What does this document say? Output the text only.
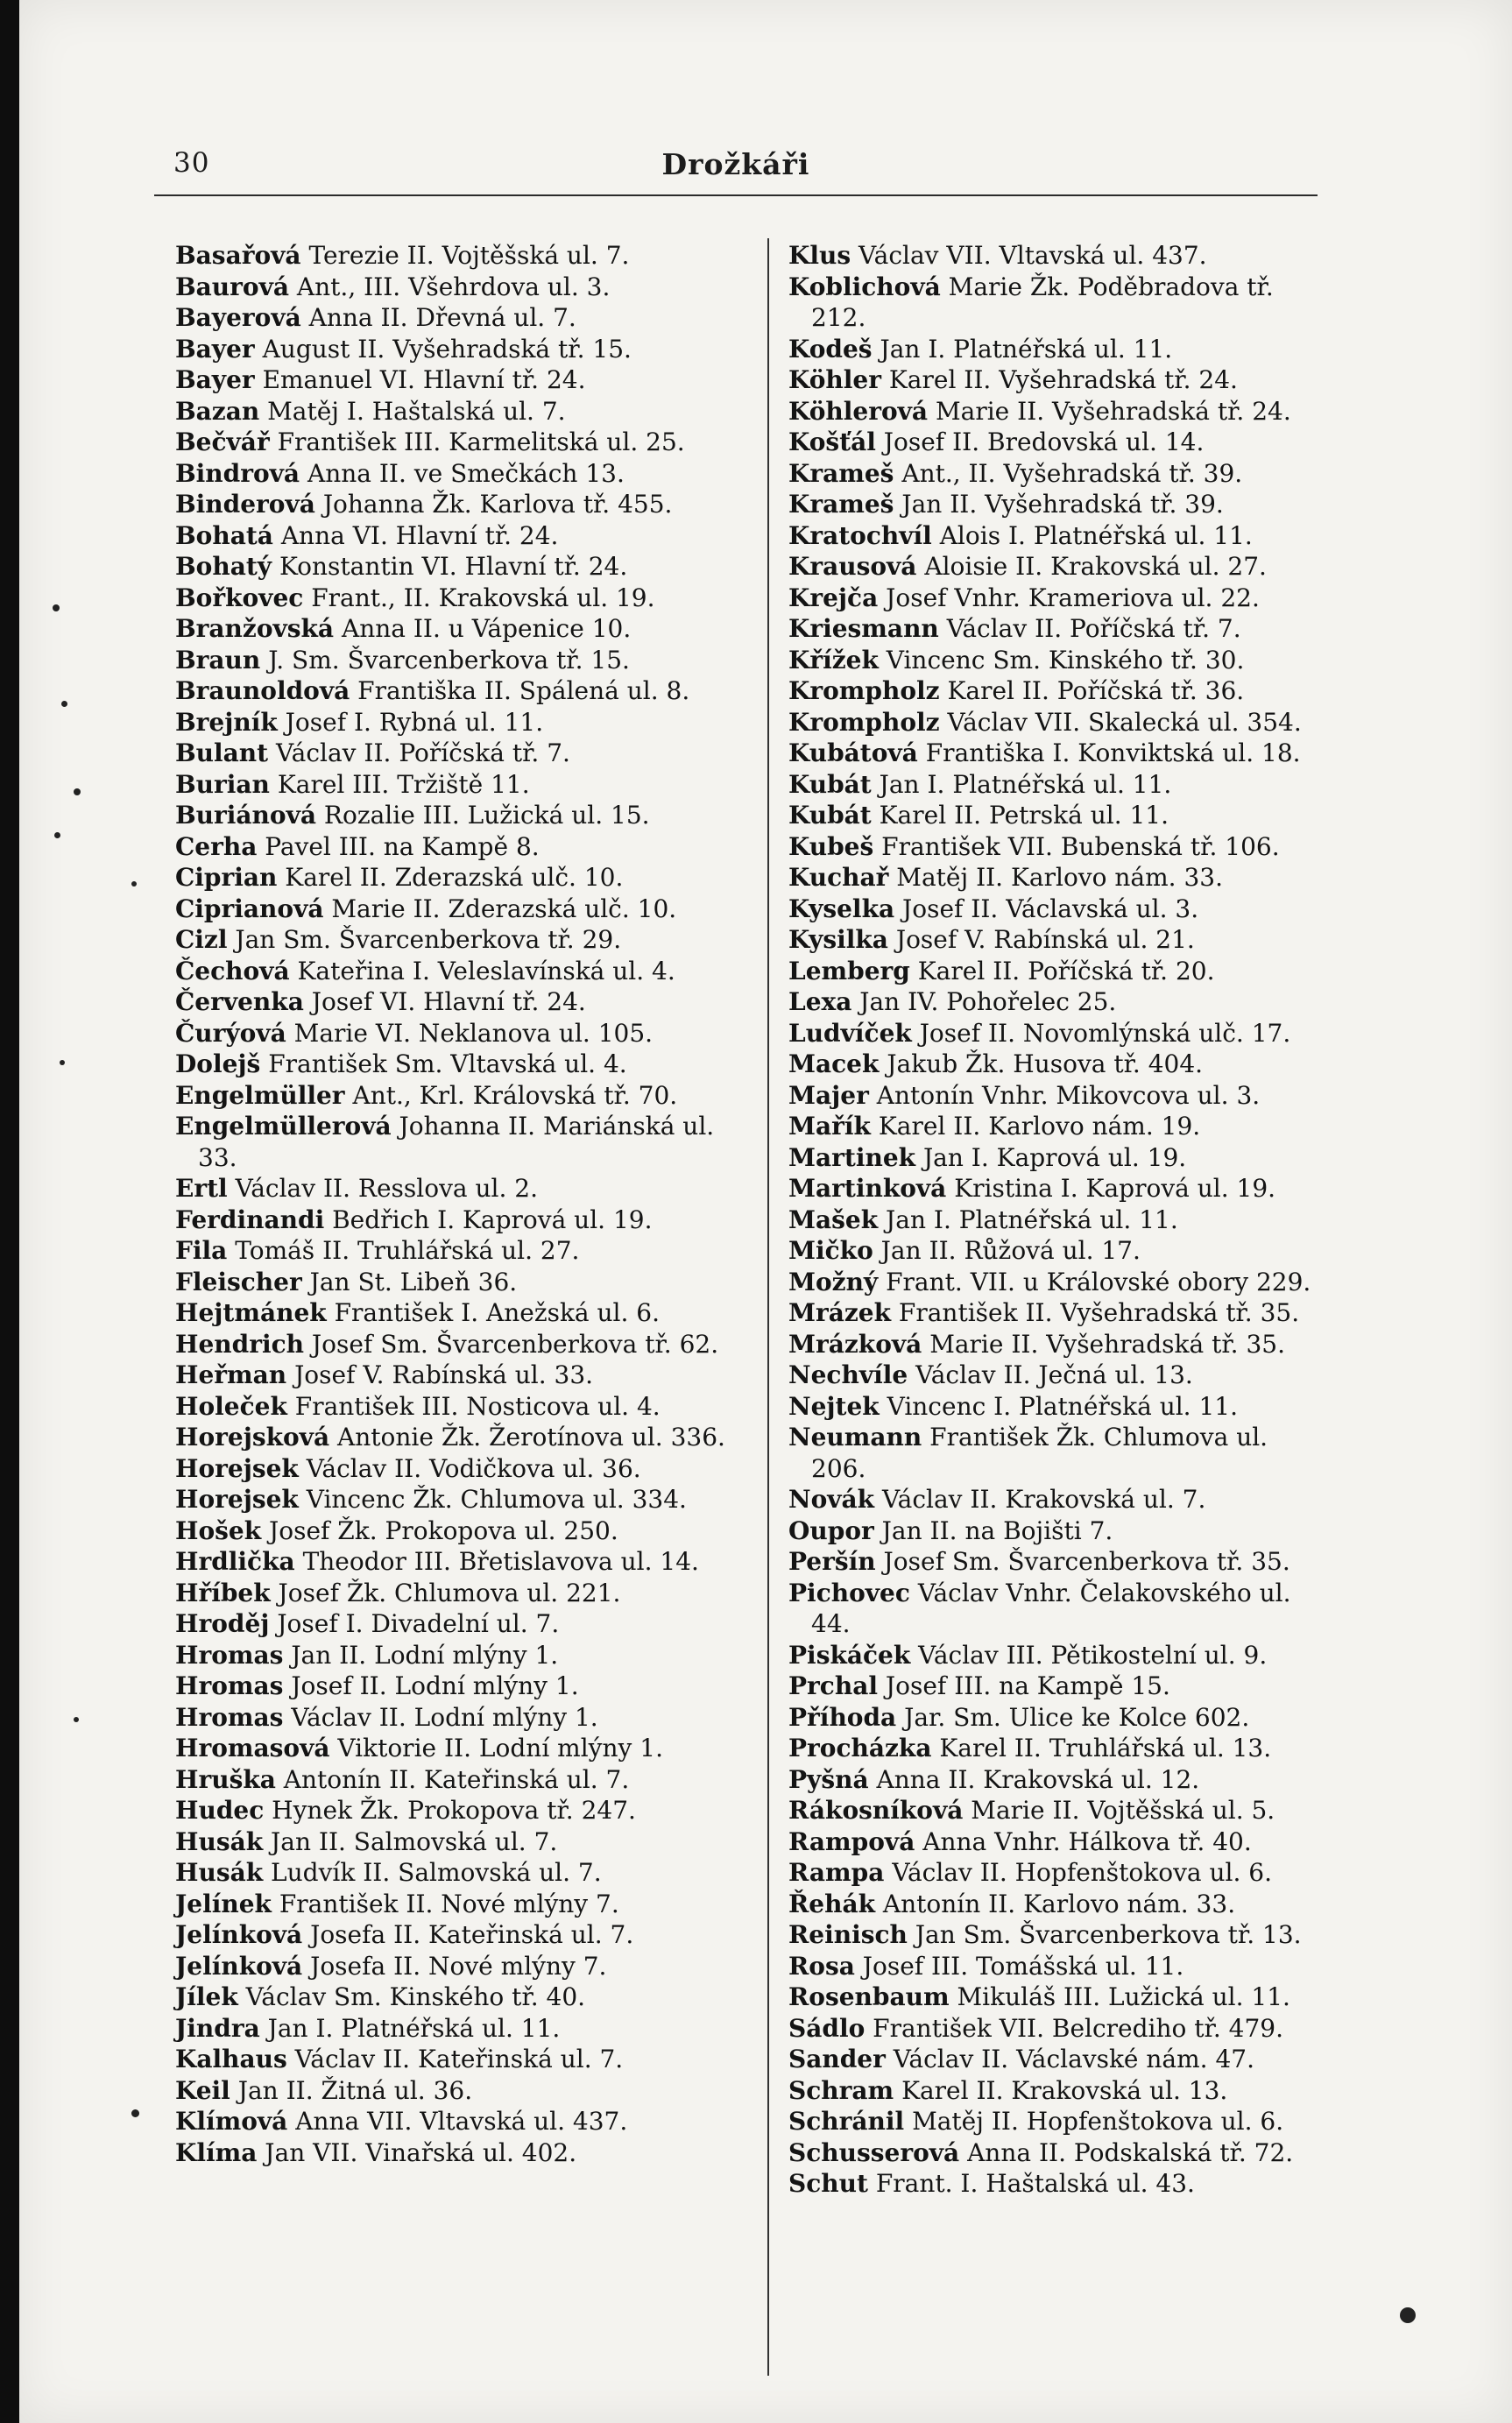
30	Drožkáři
Basařová Terezie II. Vojtěšská ul. 7.
Baurová Ant., III. Všehrdova ul. 3.
Bayerová Anna II. Dřevná ul. 7.
Bayer August II. Vyšehradská tř. 15.
Bayer Emanuel VI. Hlavní tř. 24.
Bazan Matěj I. Haštalská ul. 7.
Bečvář František III. Karmelitská ul. 25.
Bindrová Anna II. ve Smečkách 13.
Binderová Johanna Žk. Karlova tř. 455.
Bohatá Anna VI. Hlavní tř. 24.
Bohatý Konstantin VI. Hlavní tř. 24.
Bořkovec Frant., II. Krakovská ul. 19.
Branžovská Anna II. u Vápenice 10.
Braun J. Sm. Švarcenberkova tř. 15.
Braunoldová Františka II. Spálená ul. 8.
Brejník Josef I. Rybná ul. 11.
Bulant Václav II. Poříčská tř. 7.
Burian Karel III. Tržiště 11.
Buriánová Rozalie III. Lužická ul. 15.
Cerha Pavel III. na Kampě 8.
Ciprian Karel II. Zderazská ulč. 10.
Ciprianová Marie II. Zderazská ulč. 10.
Cizl Jan Sm. Švarcenberkova tř. 29.
Čechová Kateřina I. Veleslavínská ul. 4.
Červenka Josef VI. Hlavní tř. 24.
Čurýová Marie VI. Neklanova ul. 105.
Dolejš František Sm. Vltavská ul. 4.
Engelmüller Ant., Krl. Královská tř. 70.
Engelmüllerová Johanna II. Mariánská ul. 33.
Ertl Václav II. Resslova ul. 2.
Ferdinandi Bedřich I. Kaprová ul. 19.
Fila Tomáš II. Truhlářská ul. 27.
Fleischer Jan St. Libeň 36.
Hejtmánek František I. Anežská ul. 6.
Hendrich Josef Sm. Švarcenberkova tř. 62.
Heřman Josef V. Rabínská ul. 33.
Holeček František III. Nosticova ul. 4.
Horejsková Antonie Žk. Žerotínova ul. 336.
Horejsek Václav II. Vodičkova ul. 36.
Horejsek Vincenc Žk. Chlumova ul. 334.
Hošek Josef Žk. Prokopova ul. 250.
Hrdlička Theodor III. Břetislavova ul. 14.
Hříbek Josef Žk. Chlumova ul. 221.
Hroděj Josef I. Divadelní ul. 7.
Hromas Jan II. Lodní mlýny 1.
Hromas Josef II. Lodní mlýny 1.
Hromas Václav II. Lodní mlýny 1.
Hromasová Viktorie II. Lodní mlýny 1.
Hruška Antonín II. Kateřinská ul. 7.
Hudec Hynek Žk. Prokopova tř. 247.
Husák Jan II. Salmovská ul. 7.
Husák Ludvík II. Salmovská ul. 7.
Jelínek František II. Nové mlýny 7.
Jelínková Josefa II. Kateřinská ul. 7.
Jelínková Josefa II. Nové mlýny 7.
Jílek Václav Sm. Kinského tř. 40.
Jindra Jan I. Platnéřská ul. 11.
Kalhaus Václav II. Kateřinská ul. 7.
Keil Jan II. Žitná ul. 36.
Klímová Anna VII. Vltavská ul. 437.
Klíma Jan VII. Vinařská ul. 402.
Klus Václav VII. Vltavská ul. 437.
Koblichová Marie Žk. Poděbradova tř. 212.
Kodeš Jan I. Platnéřská ul. 11.
Köhler Karel II. Vyšehradská tř. 24.
Köhlerová Marie II. Vyšehradská tř. 24.
Košťál Josef II. Bredovská ul. 14.
Krameš Ant., II. Vyšehradská tř. 39.
Krameš Jan II. Vyšehradská tř. 39.
Kratochvíl Alois I. Platnéřská ul. 11.
Krausová Aloisie II. Krakovská ul. 27.
Krejča Josef Vnhr. Krameriova ul. 22.
Kriesmann Václav II. Poříčská tř. 7.
Křížek Vincenc Sm. Kinského tř. 30.
Krompholz Karel II. Poříčská tř. 36.
Krompholz Václav VII. Skalecká ul. 354.
Kubátová Františka I. Konviktská ul. 18.
Kubát Jan I. Platnéřská ul. 11.
Kubát Karel II. Petrská ul. 11.
Kubeš František VII. Bubenská tř. 106.
Kuchař Matěj II. Karlovo nám. 33.
Kyselka Josef II. Václavská ul. 3.
Kysilka Josef V. Rabínská ul. 21.
Lemberg Karel II. Poříčská tř. 20.
Lexa Jan IV. Pohořelec 25.
Ludvíček Josef II. Novomlýnská ulč. 17.
Macek Jakub Žk. Husova tř. 404.
Majer Antonín Vnhr. Mikovcova ul. 3.
Mařík Karel II. Karlovo nám. 19.
Martinek Jan I. Kaprová ul. 19.
Martinková Kristina I. Kaprová ul. 19.
Mašek Jan I. Platnéřská ul. 11.
Mičko Jan II. Růžová ul. 17.
Možný Frant. VII. u Královské obory 229.
Mrázek František II. Vyšehradská tř. 35.
Mrázková Marie II. Vyšehradská tř. 35.
Nechvíle Václav II. Ječná ul. 13.
Nejtek Vincenc I. Platnéřská ul. 11.
Neumann František Žk. Chlumova ul. 206.
Novák Václav II. Krakovská ul. 7.
Oupor Jan II. na Bojišti 7.
Peršín Josef Sm. Švarcenberkova tř. 35.
Pichovec Václav Vnhr. Čelakovského ul. 44.
Piskáček Václav III. Pětikostelní ul. 9.
Prchal Josef III. na Kampě 15.
Příhoda Jar. Sm. Ulice ke Kolce 602.
Procházka Karel II. Truhlářská ul. 13.
Pyšná Anna II. Krakovská ul. 12.
Rákosníková Marie II. Vojtěšská ul. 5.
Rampová Anna Vnhr. Hálkova tř. 40.
Rampa Václav II. Hopfenštokova ul. 6.
Řehák Antonín II. Karlovo nám. 33.
Reinisch Jan Sm. Švarcenberkova tř. 13.
Rosa Josef III. Tomášská ul. 11.
Rosenbaum Mikuláš III. Lužická ul. 11.
Sádlo František VII. Belcrediho tř. 479.
Sander Václav II. Václavské nám. 47.
Schram Karel II. Krakovská ul. 13.
Schránil Matěj II. Hopfenštokova ul. 6.
Schusserová Anna II. Podskalská tř. 72.
Schut Frant. I. Haštalská ul. 43.
